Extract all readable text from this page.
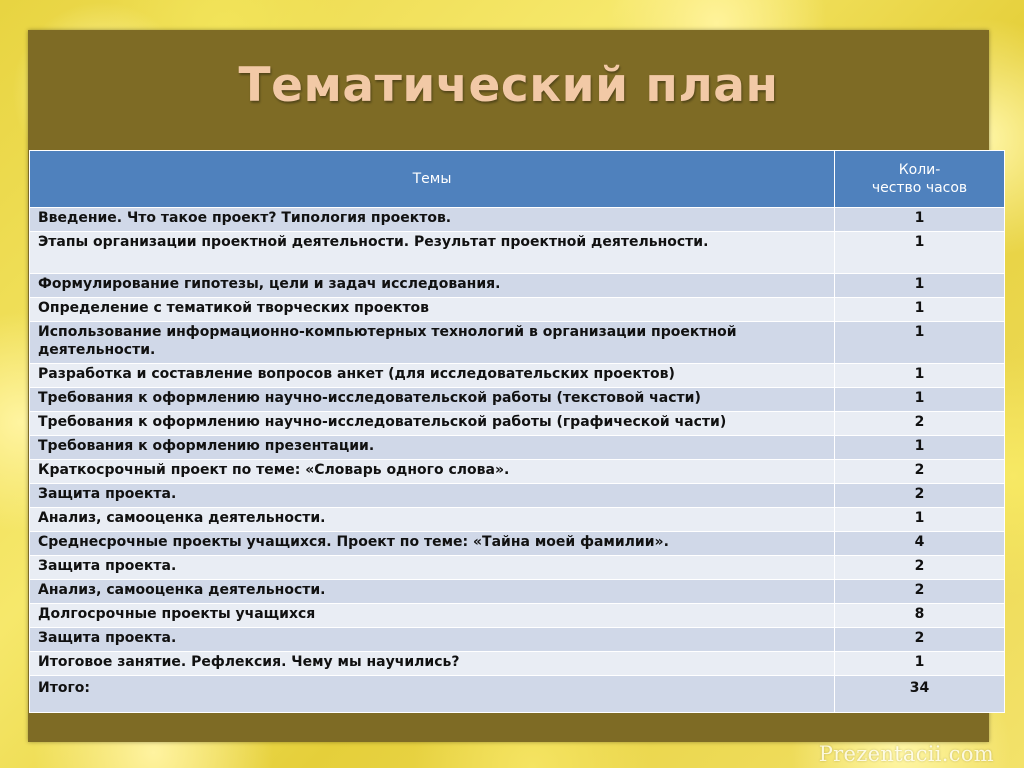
Тематический план
Темы	Коли-
чество часов
Введение. Что такое проект? Типология проектов.	1
Этапы организации проектной деятельности. Результат проектной деятельности.	1
Формулирование гипотезы, цели и задач исследования.	1
Определение с тематикой творческих проектов	1
Использование информационно-компьютерных технологий в организации проектной деятельности.	1
Разработка и составление вопросов анкет (для исследовательских проектов)	1
Требования к оформлению научно-исследовательской работы (текстовой части)	1
Требования к оформлению научно-исследовательской работы (графической части)	2
Требования к оформлению презентации.	1
Краткосрочный проект по теме: «Словарь одного слова».	2
Защита проекта.	2
Анализ, самооценка деятельности.	1
Среднесрочные проекты учащихся. Проект по теме: «Тайна моей фамилии».	4
Защита проекта.	2
Анализ, самооценка деятельности.	2
Долгосрочные проекты учащихся	8
Защита проекта.	2
Итоговое занятие. Рефлексия. Чему мы научились?	1
Итого:	34
Prezentacii.com
